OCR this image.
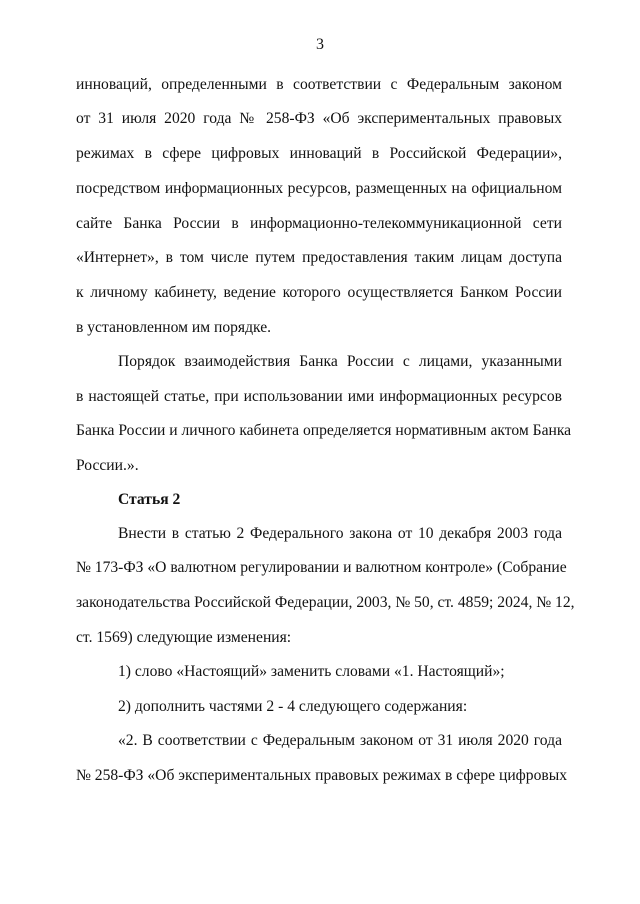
3
инноваций, определенными в соответствии с Федеральным законом
от 31 июля 2020 года № 258-ФЗ «Об экспериментальных правовых
режимах в сфере цифровых инноваций в Российской Федерации»,
посредством информационных ресурсов, размещенных на официальном
сайте Банка России в информационно-телекоммуникационной сети
«Интернет», в том числе путем предоставления таким лицам доступа
к личному кабинету, ведение которого осуществляется Банком России
в установленном им порядке.
Порядок взаимодействия Банка России с лицами, указанными
в настоящей статье, при использовании ими информационных ресурсов
Банка России и личного кабинета определяется нормативным актом Банка
России.».
Статья 2
Внести в статью 2 Федерального закона от 10 декабря 2003 года
№ 173-ФЗ «О валютном регулировании и валютном контроле» (Собрание
законодательства Российской Федерации, 2003, № 50, ст. 4859; 2024, № 12,
ст. 1569) следующие изменения:
1) слово «Настоящий» заменить словами «1. Настоящий»;
2) дополнить частями 2 - 4 следующего содержания:
«2. В соответствии с Федеральным законом от 31 июля 2020 года
№ 258-ФЗ «Об экспериментальных правовых режимах в сфере цифровых
